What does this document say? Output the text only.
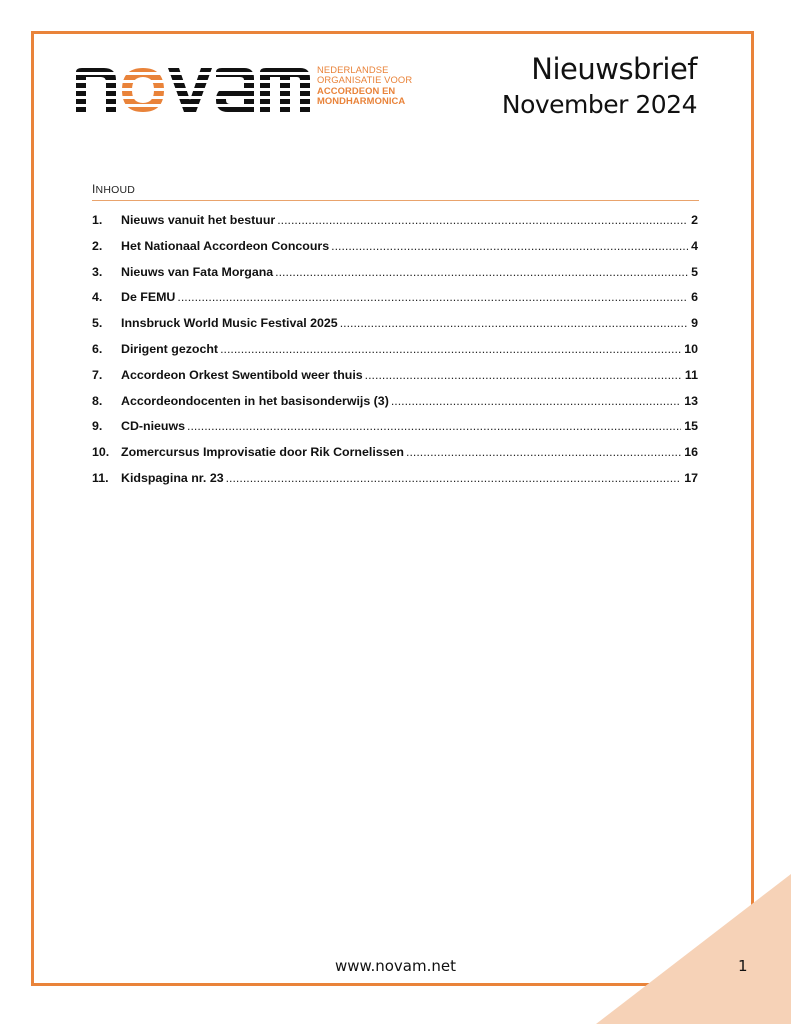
NEDERLANDSE
ORGANISATIE VOOR
ACCORDEON EN
MONDHARMONICA
Nieuwsbrief
November 2024
INHOUD
1.	Nieuws vanuit het bestuur .....	2
2.	Het Nationaal Accordeon Concours .....	4
3.	Nieuws van Fata Morgana .....	5
4.	De FEMU .....	6
5.	Innsbruck World Music Festival 2025 .....	9
6.	Dirigent gezocht .....	10
7.	Accordeon Orkest Swentibold weer thuis .....	11
8.	Accordeondocenten in het basisonderwijs (3) .....	13
9.	CD-nieuws .....	15
10. Zomercursus Improvisatie door Rik Cornelissen .....	16
11.	Kidspagina nr. 23 .....	17
www.novam.net	1
